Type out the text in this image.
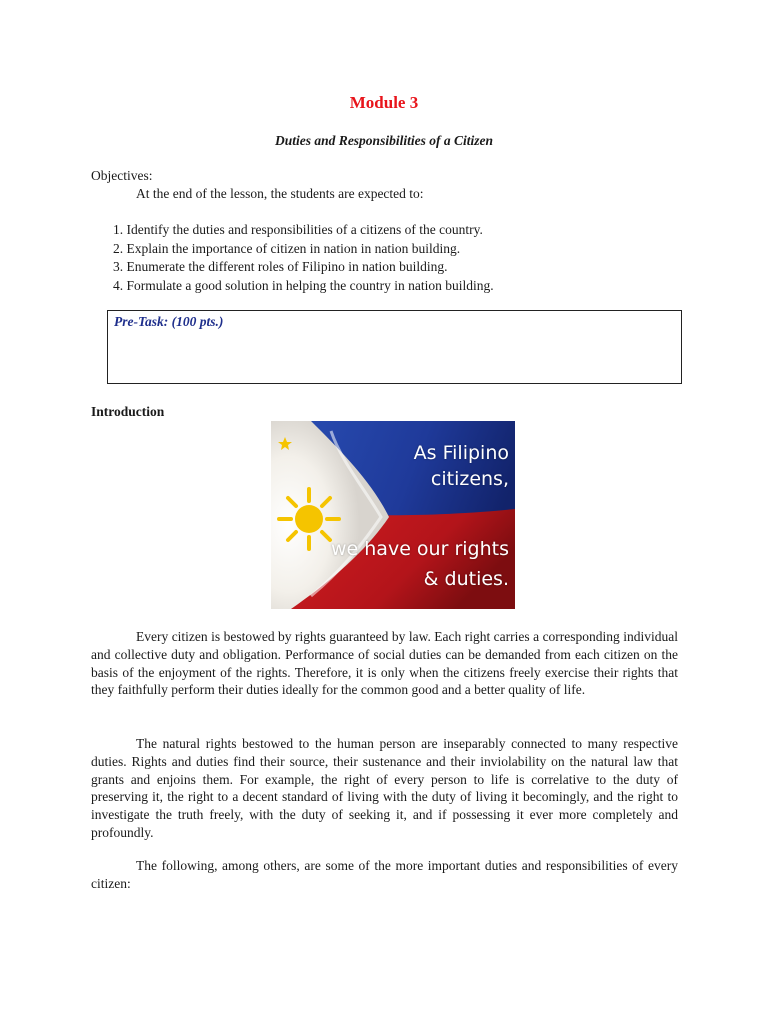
Module 3
Duties and Responsibilities of a Citizen
Objectives:
At the end of the lesson, the students are expected to:
1. Identify the duties and responsibilities of a citizens of the country.
2. Explain the importance of citizen in nation in nation building.
3. Enumerate the different roles of Filipino in nation building.
4. Formulate a good solution in helping the country in nation building.
Pre-Task: (100 pts.)
Introduction
As Filipino
citizens,
we have our rights
& duties.

Every citizen is bestowed by rights guaranteed by law. Each right carries a corresponding individual and collective duty and obligation. Performance of social duties can be demanded from each citizen on the basis of the enjoyment of the rights. Therefore, it is only when the citizens freely exercise their rights that they faithfully perform their duties ideally for the common good and a better quality of life.

The natural rights bestowed to the human person are inseparably connected to many respective duties. Rights and duties find their source, their sustenance and their inviolability on the natural law that grants and enjoins them. For example, the right of every person to life is correlative to the duty of preserving it, the right to a decent standard of living with the duty of living it becomingly, and the right to investigate the truth freely, with the duty of seeking it, and if possessing it ever more completely and profoundly.

The following, among others, are some of the more important duties and responsibilities of every citizen:
